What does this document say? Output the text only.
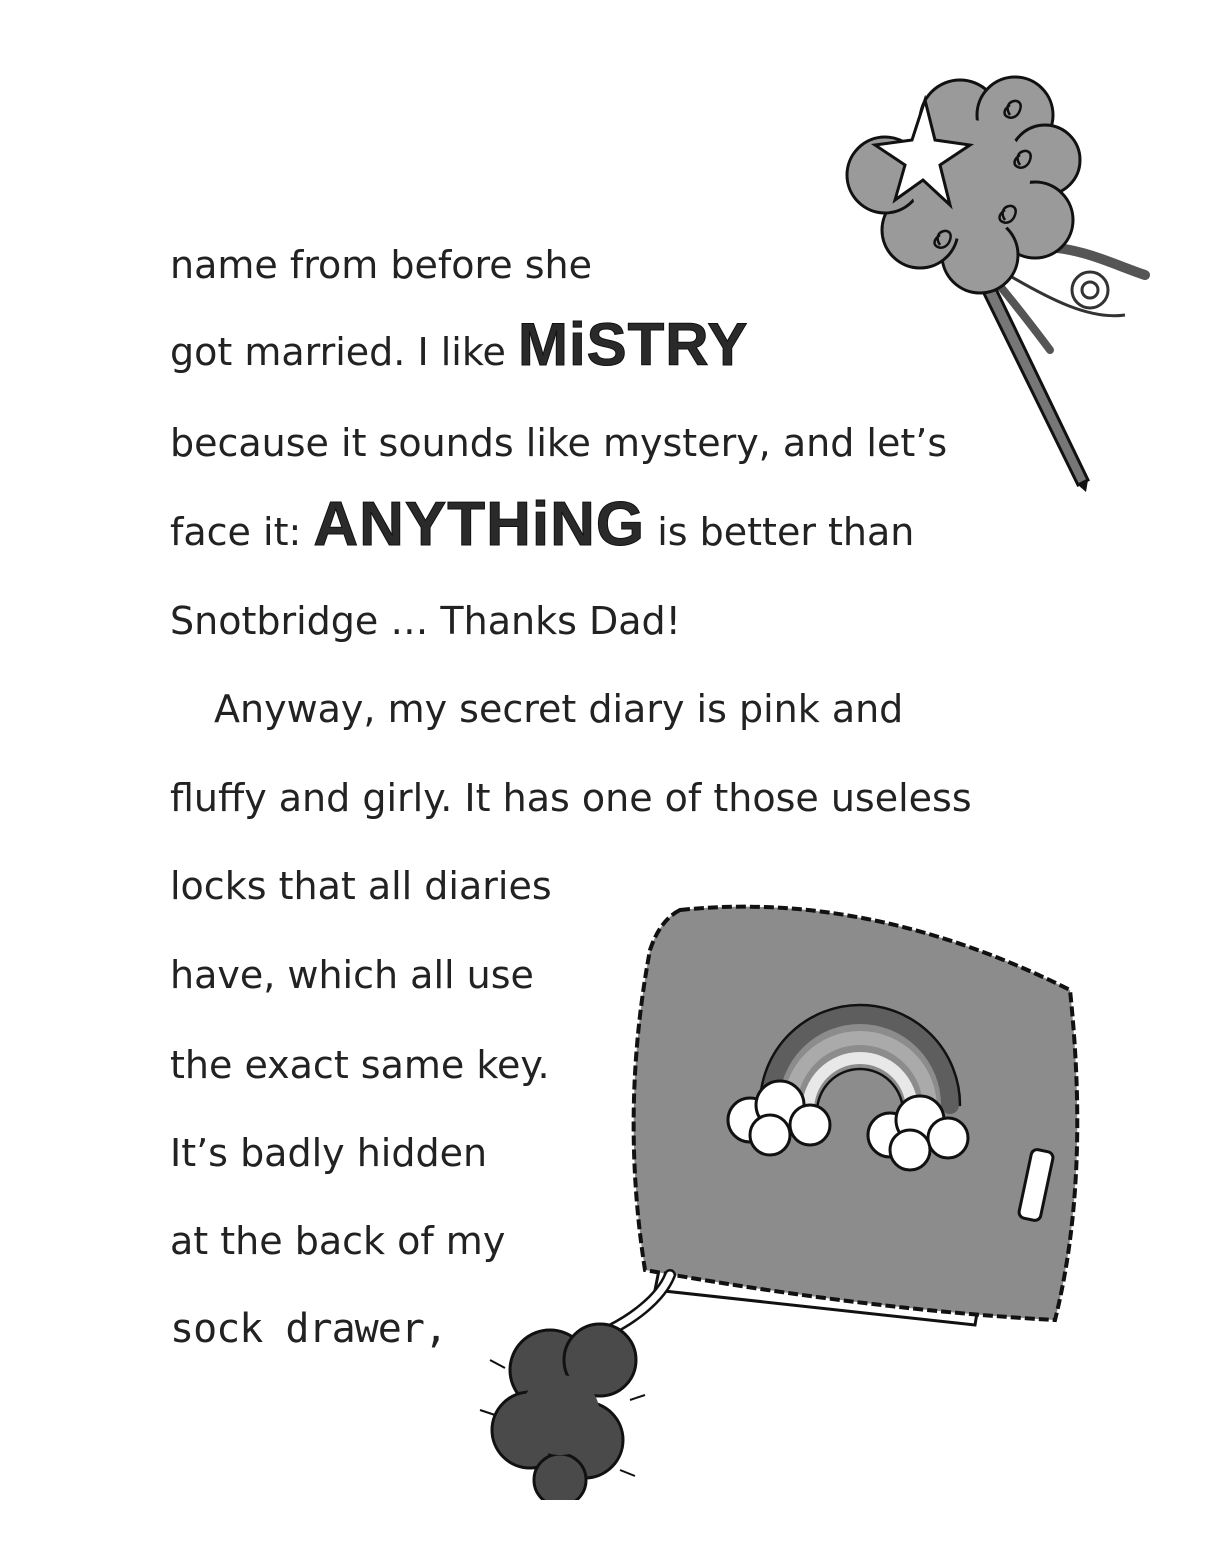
name from before she
got married. I like MiSTRY
because it sounds like mystery, and let’s
face it: ANYTHiNG is better than
Snotbridge … Thanks Dad!
Anyway, my secret diary is pink and
fluffy and girly. It has one of those useless
locks that all diaries
have, which all use
the exact same key.
It’s badly hidden
at the back of my
sock drawer,
